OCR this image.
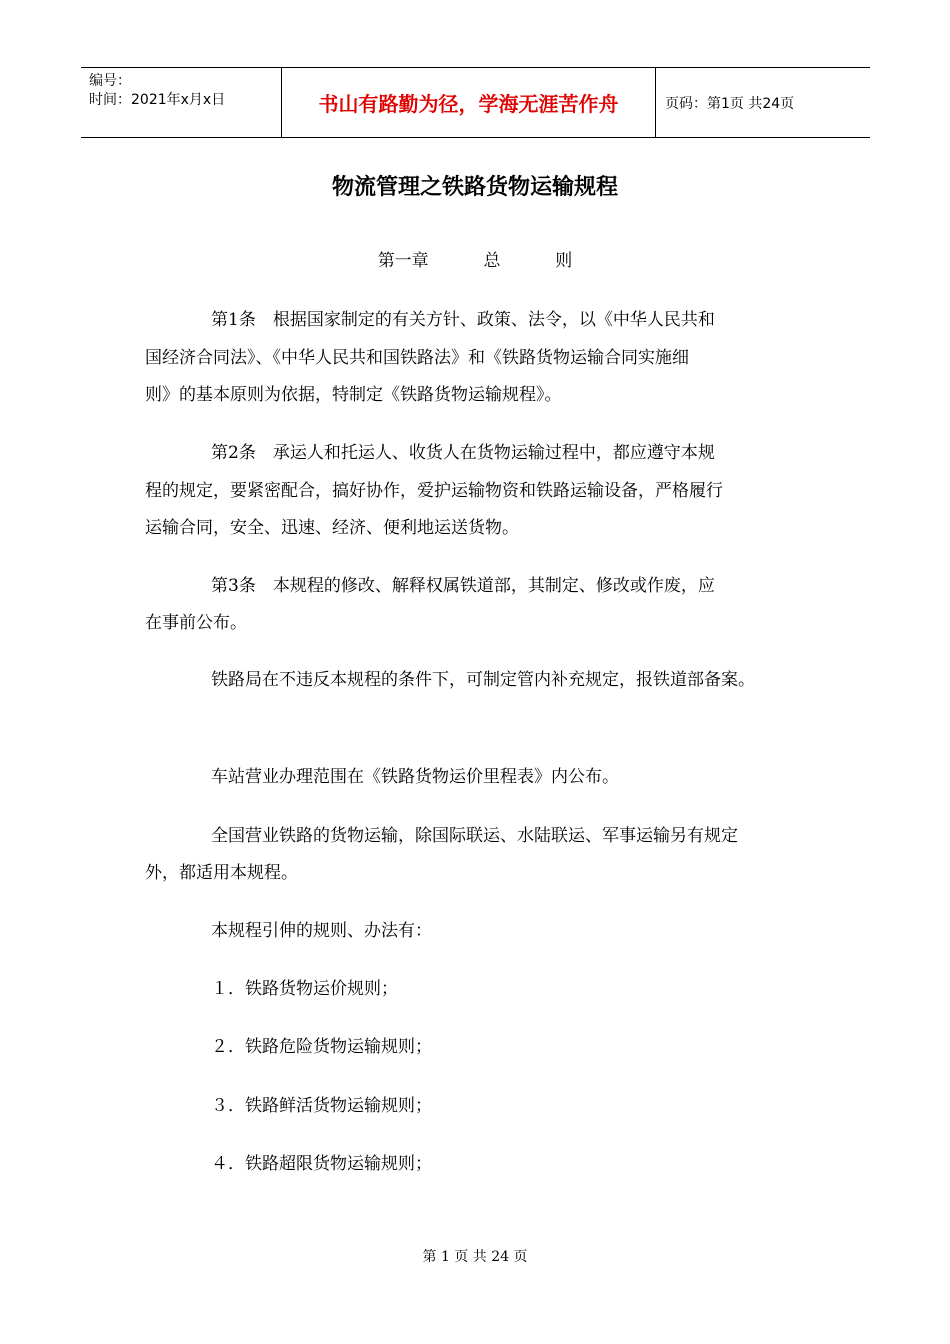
编号：
时间：2021年x月x日	书山有路勤为径，学海无涯苦作舟	页码：第1页 共24页
物流管理之铁路货物运输规程
第一章  总  则
第1条　根据国家制定的有关方针、政策、法令，以《中华人民共和
国经济合同法》、《中华人民共和国铁路法》和《铁路货物运输合同实施细
则》的基本原则为依据，特制定《铁路货物运输规程》。
第2条　承运人和托运人、收货人在货物运输过程中，都应遵守本规
程的规定，要紧密配合，搞好协作，爱护运输物资和铁路运输设备，严格履行
运输合同，安全、迅速、经济、便利地运送货物。
第3条　本规程的修改、解释权属铁道部，其制定、修改或作废，应
在事前公布。
铁路局在不违反本规程的条件下，可制定管内补充规定，报铁道部备案。
车站营业办理范围在《铁路货物运价里程表》内公布。
全国营业铁路的货物运输，除国际联运、水陆联运、军事运输另有规定
外，都适用本规程。
本规程引伸的规则、办法有：
１．铁路货物运价规则；
２．铁路危险货物运输规则；
３．铁路鲜活货物运输规则；
４．铁路超限货物运输规则；
第 1 页 共 24 页
